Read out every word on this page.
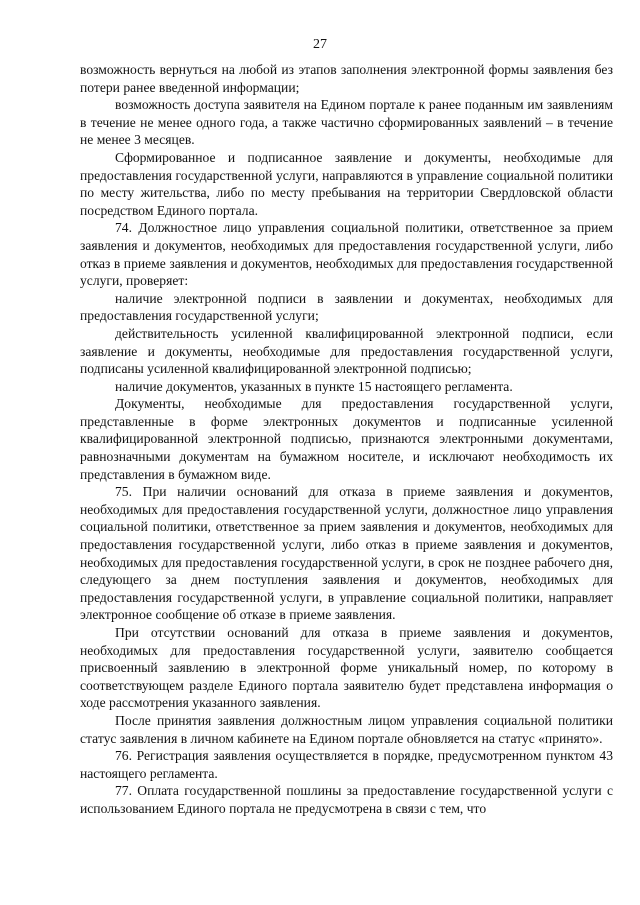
27

возможность вернуться на любой из этапов заполнения электронной формы заявления без потери ранее введенной информации;

возможность доступа заявителя на Едином портале к ранее поданным им заявлениям в течение не менее одного года, а также частично сформированных заявлений – в течение не менее 3 месяцев.

Сформированное и подписанное заявление и документы, необходимые для предоставления государственной услуги, направляются в управление социальной политики по месту жительства, либо по месту пребывания на территории Свердловской области посредством Единого портала.

74. Должностное лицо управления социальной политики, ответственное за прием заявления и документов, необходимых для предоставления государственной услуги, либо отказ в приеме заявления и документов, необходимых для предоставления государственной услуги, проверяет:

наличие электронной подписи в заявлении и документах, необходимых для предоставления государственной услуги;

действительность усиленной квалифицированной электронной подписи, если заявление и документы, необходимые для предоставления государственной услуги, подписаны усиленной квалифицированной электронной подписью;

наличие документов, указанных в пункте 15 настоящего регламента.

Документы, необходимые для предоставления государственной услуги, представленные в форме электронных документов и подписанные усиленной квалифицированной электронной подписью, признаются электронными документами, равнозначными документам на бумажном носителе, и исключают необходимость их представления в бумажном виде.

75. При наличии оснований для отказа в приеме заявления и документов, необходимых для предоставления государственной услуги, должностное лицо управления социальной политики, ответственное за прием заявления и документов, необходимых для предоставления государственной услуги, либо отказ в приеме заявления и документов, необходимых для предоставления государственной услуги, в срок не позднее рабочего дня, следующего за днем поступления заявления и документов, необходимых для предоставления государственной услуги, в управление социальной политики, направляет электронное сообщение об отказе в приеме заявления.

При отсутствии оснований для отказа в приеме заявления и документов, необходимых для предоставления государственной услуги, заявителю сообщается присвоенный заявлению в электронной форме уникальный номер, по которому в соответствующем разделе Единого портала заявителю будет представлена информация о ходе рассмотрения указанного заявления.

После принятия заявления должностным лицом управления социальной политики статус заявления в личном кабинете на Едином портале обновляется на статус «принято».

76. Регистрация заявления осуществляется в порядке, предусмотренном пунктом 43 настоящего регламента.

77. Оплата государственной пошлины за предоставление государственной услуги с использованием Единого портала не предусмотрена в связи с тем, что
